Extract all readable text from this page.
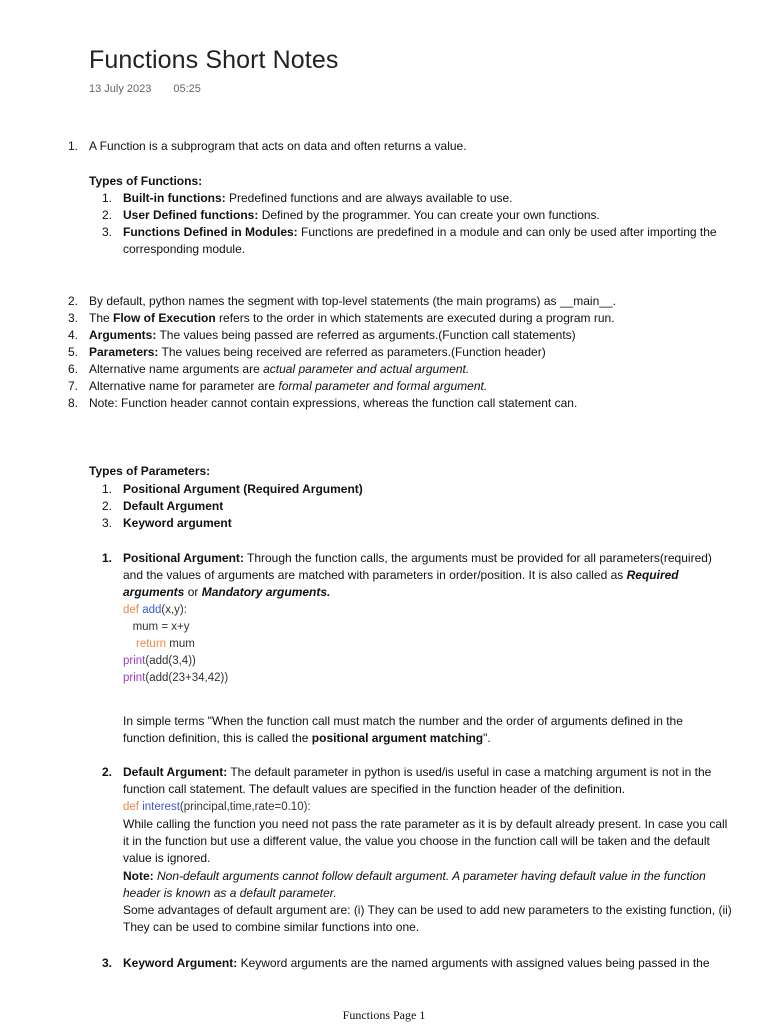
Functions Short Notes
13 July 2023 05:25
1. A Function is a subprogram that acts on data and often returns a value.
Types of Functions:
1. Built-in functions: Predefined functions and are always available to use.
2. User Defined functions: Defined by the programmer. You can create your own functions.
3. Functions Defined in Modules: Functions are predefined in a module and can only be used after importing the
corresponding module.
2. By default, python names the segment with top-level statements (the main programs) as __main__.
3. The Flow of Execution refers to the order in which statements are executed during a program run.
4. Arguments: The values being passed are referred as arguments.(Function call statements)
5. Parameters: The values being received are referred as parameters.(Function header)
6. Alternative name arguments are actual parameter and actual argument.
7. Alternative name for parameter are formal parameter and formal argument.
8. Note: Function header cannot contain expressions, whereas the function call statement can.
Types of Parameters:
1. Positional Argument (Required Argument)
2. Default Argument
3. Keyword argument
1. Positional Argument: Through the function calls, the arguments must be provided for all parameters(required)
and the values of arguments are matched with parameters in order/position. It is also called as Required
arguments or Mandatory arguments.
def add(x,y):
mum = x+y
return mum
print(add(3,4))
print(add(23+34,42))
In simple terms "When the function call must match the number and the order of arguments defined in the
function definition, this is called the positional argument matching".
2. Default Argument: The default parameter in python is used/is useful in case a matching argument is not in the
function call statement. The default values are specified in the function header of the definition.
def interest(principal,time,rate=0.10):
While calling the function you need not pass the rate parameter as it is by default already present. In case you call
it in the function but use a different value, the value you choose in the function call will be taken and the default
value is ignored.
Note: Non-default arguments cannot follow default argument. A parameter having default value in the function
header is known as a default parameter.
Some advantages of default argument are: (i) They can be used to add new parameters to the existing function, (ii)
They can be used to combine similar functions into one.
3. Keyword Argument: Keyword arguments are the named arguments with assigned values being passed in the
Functions Page 1
